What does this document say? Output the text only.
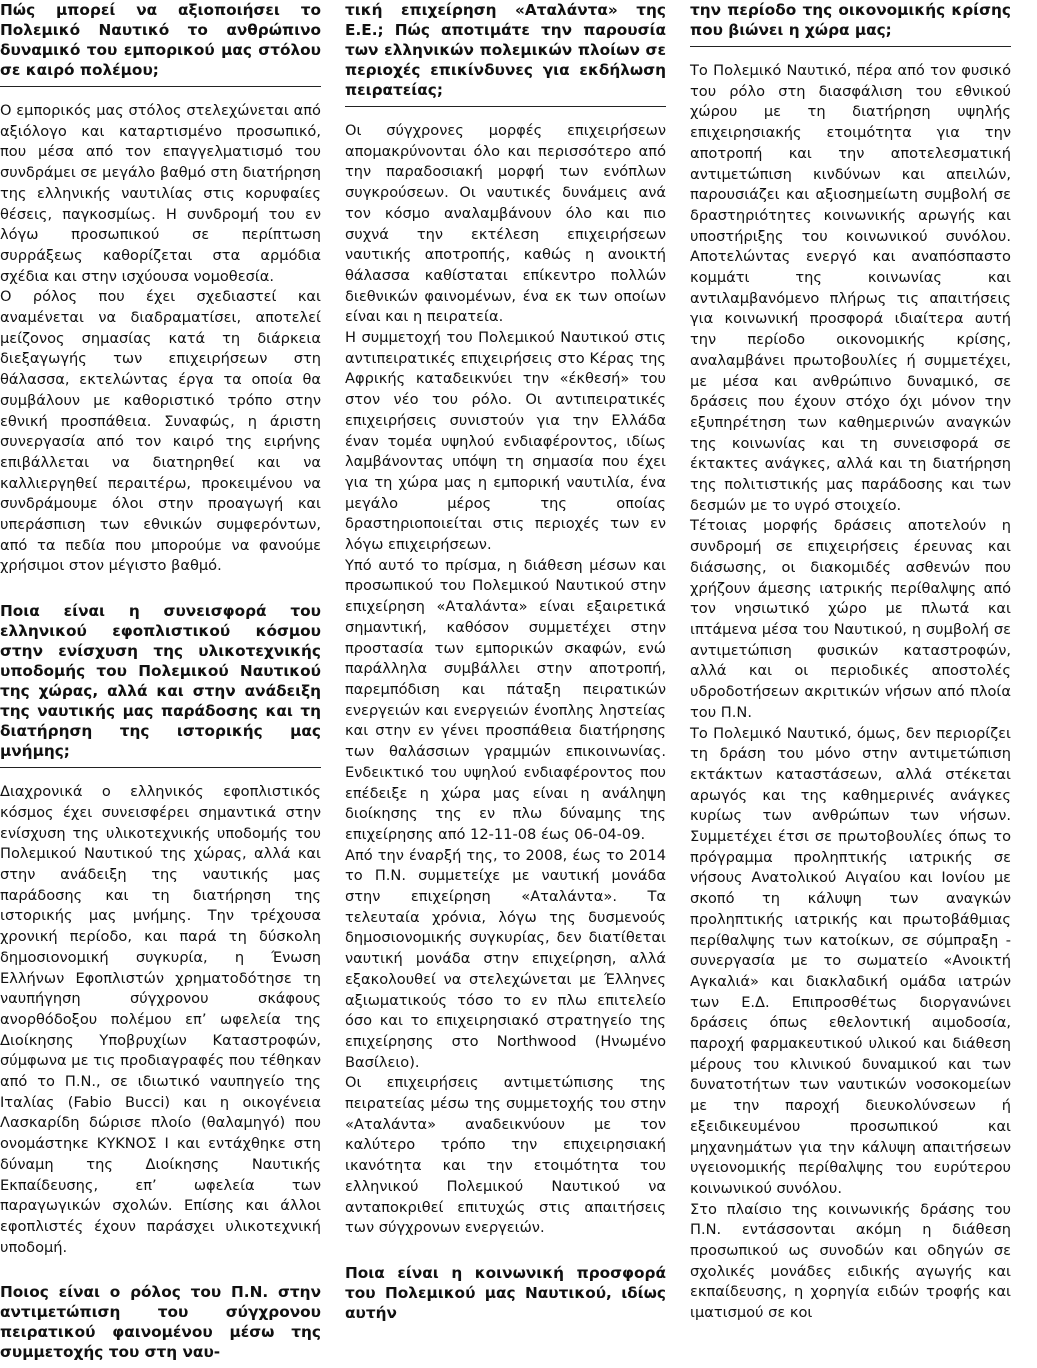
Πώς μπορεί να αξιοποιήσει το Πολεμικό Ναυτικό το ανθρώπινο δυναμικό του εμπορικού μας στόλου σε καιρό πολέμου;

Ο εμπορικός μας στόλος στελεχώνεται από αξιόλογο και καταρτισμένο προσωπικό, που μέσα από τον επαγγελματισμό του συνδράμει σε μεγάλο βαθμό στη διατήρηση της ελληνικής ναυτιλίας στις κορυφαίες θέσεις, παγκοσμίως. Η συνδρομή του εν λόγω προσωπικού σε περίπτωση συρράξεως καθορίζεται στα αρμόδια σχέδια και στην ισχύουσα νομοθεσία.

Ο ρόλος που έχει σχεδιαστεί και αναμένεται να διαδραματίσει, αποτελεί μείζονος σημασίας κατά τη διάρκεια διεξαγωγής των επιχειρήσεων στη θάλασσα, εκτελώντας έργα τα οποία θα συμβάλουν με καθοριστικό τρόπο στην εθνική προσπάθεια. Συναφώς, η άριστη συνεργασία από τον καιρό της ειρήνης επιβάλλεται να διατηρηθεί και να καλλιεργηθεί περαιτέρω, προκειμένου να συνδράμουμε όλοι στην προαγωγή και υπεράσπιση των εθνικών συμφερόντων, από τα πεδία που μπορούμε να φανούμε χρήσιμοι στον μέγιστο βαθμό.

Ποια είναι η συνεισφορά του ελληνικού εφοπλιστικού κόσμου στην ενίσχυση της υλικοτεχνικής υποδομής του Πολεμικού Ναυτικού της χώρας, αλλά και στην ανάδειξη της ναυτικής μας παράδοσης και τη διατήρηση της ιστορικής μας μνήμης;

Διαχρονικά ο ελληνικός εφοπλιστικός κόσμος έχει συνεισφέρει σημαντικά στην ενίσχυση της υλικοτεχνικής υποδομής του Πολεμικού Ναυτικού της χώρας, αλλά και στην ανάδειξη της ναυτικής μας παράδοσης και τη διατήρηση της ιστορικής μας μνήμης. Την τρέχουσα χρονική περίοδο, και παρά τη δύσκολη δημοσιονομική συγκυρία, η Ένωση Ελλήνων Εφοπλιστών χρηματοδότησε τη ναυπήγηση σύγχρονου σκάφους ανορθόδοξου πολέμου επ’ ωφελεία της Διοίκησης Υποβρυχίων Καταστροφών, σύμφωνα με τις προδιαγραφές που τέθηκαν από το Π.Ν., σε ιδιωτικό ναυπηγείο της Ιταλίας (Fabio Bucci) και η οικογένεια Λασκαρίδη δώρισε πλοίο (θαλαμηγό) που ονομάστηκε ΚΥΚΝΟΣ Ι και εντάχθηκε στη δύναμη της Διοίκησης Ναυτικής Εκπαίδευσης, επ’ ωφελεία των παραγωγικών σχολών. Επίσης και άλλοι εφοπλιστές έχουν παράσχει υλικοτεχνική υποδομή.

Ποιος είναι ο ρόλος του Π.Ν. στην αντιμετώπιση του σύγχρονου πειρατικού φαινομένου μέσω της συμμετοχής του στη ναυ-
τική επιχείρηση «Αταλάντα» της Ε.Ε.; Πώς αποτιμάτε την παρουσία των ελληνικών πολεμικών πλοίων σε περιοχές επικίνδυνες για εκδήλωση πειρατείας;

Οι σύγχρονες μορφές επιχειρήσεων απομακρύνονται όλο και περισσότερο από την παραδοσιακή μορφή των ενόπλων συγκρούσεων. Οι ναυτικές δυνάμεις ανά τον κόσμο αναλαμβάνουν όλο και πιο συχνά την εκτέλεση επιχειρήσεων ναυτικής αποτροπής, καθώς η ανοικτή θάλασσα καθίσταται επίκεντρο πολλών διεθνικών φαινομένων, ένα εκ των οποίων είναι και η πειρατεία.

Η συμμετοχή του Πολεμικού Ναυτικού στις αντιπειρατικές επιχειρήσεις στο Κέρας της Αφρικής καταδεικνύει την «έκθεσή» του στον νέο του ρόλο. Οι αντιπειρατικές επιχειρήσεις συνιστούν για την Ελλάδα έναν τομέα υψηλού ενδιαφέροντος, ιδίως λαμβάνοντας υπόψη τη σημασία που έχει για τη χώρα μας η εμπορική ναυτιλία, ένα μεγάλο μέρος της οποίας δραστηριοποιείται στις περιοχές των εν λόγω επιχειρήσεων.

Υπό αυτό το πρίσμα, η διάθεση μέσων και προσωπικού του Πολεμικού Ναυτικού στην επιχείρηση «Αταλάντα» είναι εξαιρετικά σημαντική, καθόσον συμμετέχει στην προστασία των εμπορικών σκαφών, ενώ παράλληλα συμβάλλει στην αποτροπή, παρεμπόδιση και πάταξη πειρατικών ενεργειών και ενεργειών ένοπλης ληστείας και στην εν γένει προσπάθεια διατήρησης των θαλάσσιων γραμμών επικοινωνίας. Ενδεικτικό του υψηλού ενδιαφέροντος που επέδειξε η χώρα μας είναι η ανάληψη διοίκησης της εν πλω δύναμης της επιχείρησης από 12-11-08 έως 06-04-09.

Από την έναρξή της, το 2008, έως το 2014 το Π.Ν. συμμετείχε με ναυτική μονάδα στην επιχείρηση «Αταλάντα». Τα τελευταία χρόνια, λόγω της δυσμενούς δημοσιονομικής συγκυρίας, δεν διατίθεται ναυτική μονάδα στην επιχείρηση, αλλά εξακολουθεί να στελεχώνεται με Έλληνες αξιωματικούς τόσο το εν πλω επιτελείο όσο και το επιχειρησιακό στρατηγείο της επιχείρησης στο Northwood (Ηνωμένο Βασίλειο).

Οι επιχειρήσεις αντιμετώπισης της πειρατείας μέσω της συμμετοχής του στην «Αταλάντα» αναδεικνύουν με τον καλύτερο τρόπο την επιχειρησιακή ικανότητα και την ετοιμότητα του ελληνικού Πολεμικού Ναυτικού να ανταποκριθεί επιτυχώς στις απαιτήσεις των σύγχρονων ενεργειών.

Ποια είναι η κοινωνική προσφορά του Πολεμικού μας Ναυτικού, ιδίως αυτήν
την περίοδο της οικονομικής κρίσης που βιώνει η χώρα μας;

Το Πολεμικό Ναυτικό, πέρα από τον φυσικό του ρόλο στη διασφάλιση του εθνικού χώρου με τη διατήρηση υψηλής επιχειρησιακής ετοιμότητα για την αποτροπή και την αποτελεσματική αντιμετώπιση κινδύνων και απειλών, παρουσιάζει και αξιοσημείωτη συμβολή σε δραστηριότητες κοινωνικής αρωγής και υποστήριξης του κοινωνικού συνόλου. Αποτελώντας ενεργό και αναπόσπαστο κομμάτι της κοινωνίας και αντιλαμβανόμενο πλήρως τις απαιτήσεις για κοινωνική προσφορά ιδιαίτερα αυτή την περίοδο οικονομικής κρίσης, αναλαμβάνει πρωτοβουλίες ή συμμετέχει, με μέσα και ανθρώπινο δυναμικό, σε δράσεις που έχουν στόχο όχι μόνον την εξυπηρέτηση των καθημερινών αναγκών της κοινωνίας και τη συνεισφορά σε έκτακτες ανάγκες, αλλά και τη διατήρηση της πολιτιστικής μας παράδοσης και των δεσμών με το υγρό στοιχείο.

Τέτοιας μορφής δράσεις αποτελούν η συνδρομή σε επιχειρήσεις έρευνας και διάσωσης, οι διακομιδές ασθενών που χρήζουν άμεσης ιατρικής περίθαλψης από τον νησιωτικό χώρο με πλωτά και ιπτάμενα μέσα του Ναυτικού, η συμβολή σε αντιμετώπιση φυσικών καταστροφών, αλλά και οι περιοδικές αποστολές υδροδοτήσεων ακριτικών νήσων από πλοία του Π.Ν.

Το Πολεμικό Ναυτικό, όμως, δεν περιορίζει τη δράση του μόνο στην αντιμετώπιση εκτάκτων καταστάσεων, αλλά στέκεται αρωγός και της καθημερινές ανάγκες κυρίως των ανθρώπων των νήσων. Συμμετέχει έτσι σε πρωτοβουλίες όπως το πρόγραμμα προληπτικής ιατρικής σε νήσους Ανατολικού Αιγαίου και Ιονίου με σκοπό τη κάλυψη των αναγκών προληπτικής ιατρικής και πρωτοβάθμιας περίθαλψης των κατοίκων, σε σύμπραξη - συνεργασία με το σωματείο «Ανοικτή Αγκαλιά» και διακλαδική ομάδα ιατρών των Ε.Δ. Επιπροσθέτως διοργανώνει δράσεις όπως εθελοντική αιμοδοσία, παροχή φαρμακευτικού υλικού και διάθεση μέρους του κλινικού δυναμικού και των δυνατοτήτων των ναυτικών νοσοκομείων με την παροχή διευκολύνσεων ή εξειδικευμένου προσωπικού και μηχανημάτων για την κάλυψη απαιτήσεων υγειονομικής περίθαλψης του ευρύτερου κοινωνικού συνόλου.

Στο πλαίσιο της κοινωνικής δράσης του Π.Ν. εντάσσονται ακόμη η διάθεση προσωπικού ως συνοδών και οδηγών σε σχολικές μονάδες ειδικής αγωγής και εκπαίδευσης, η χορηγία ειδών τροφής και ιματισμού σε κοι
